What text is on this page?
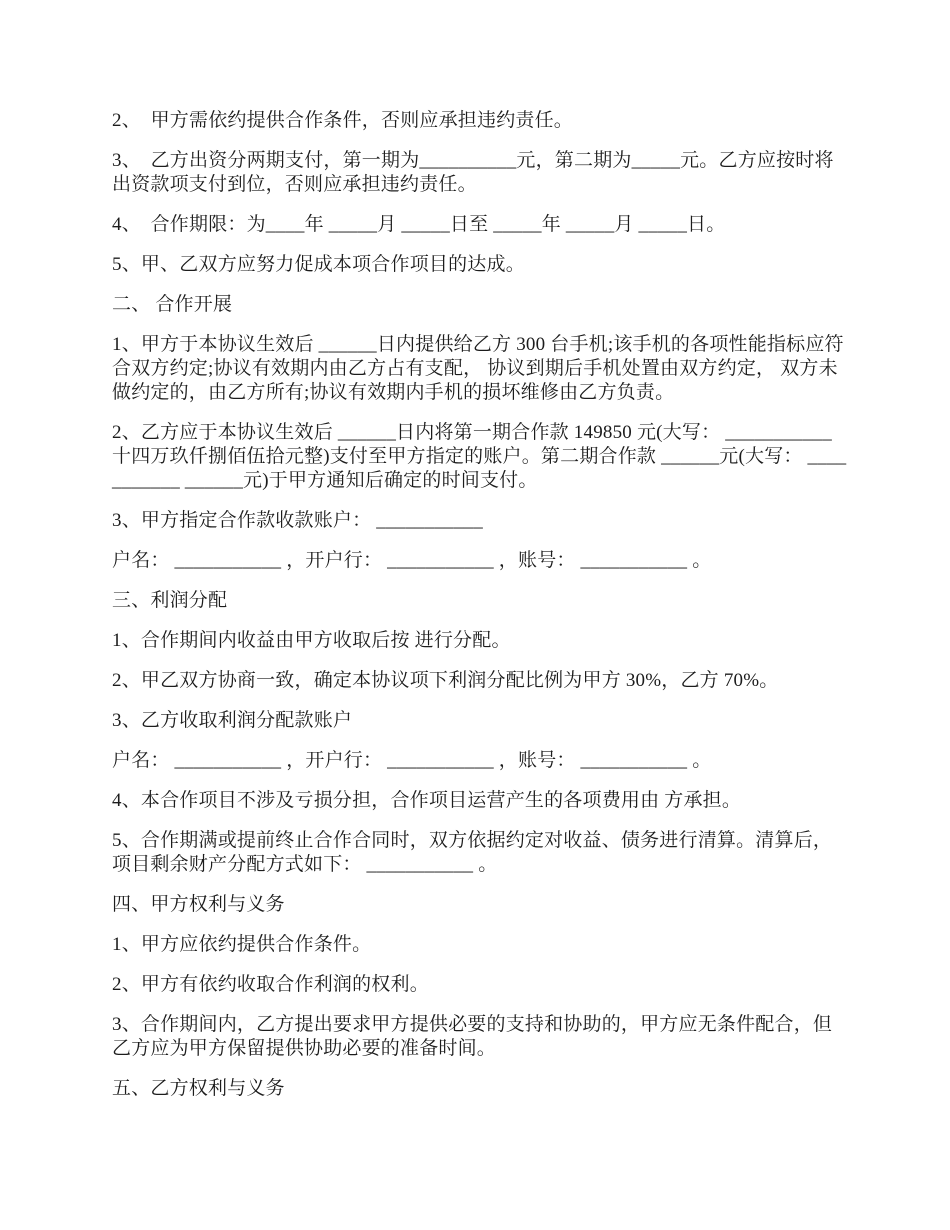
2、　甲方需依约提供合作条件，否则应承担违约责任。

3、　乙方出资分两期支付，第一期为__________元，第二期为_____元。乙方应按时将出资款项支付到位，否则应承担违约责任。

4、　合作期限：为____年 _____月 _____日至 _____年 _____月 _____日。

5、甲、乙双方应努力促成本项合作项目的达成。

二、 合作开展

1、甲方于本协议生效后 ______日内提供给乙方 300 台手机;该手机的各项性能指标应符合双方约定;协议有效期内由乙方占有支配， 协议到期后手机处置由双方约定， 双方未做约定的，由乙方所有;协议有效期内手机的损坏维修由乙方负责。

2、乙方应于本协议生效后 ______日内将第一期合作款 149850 元(大写： ___________十四万玖仟捌佰伍拾元整)支付至甲方指定的账户。第二期合作款 ______元(大写： ___________ ______元)于甲方通知后确定的时间支付。

3、甲方指定合作款收款账户： ___________

户名： ___________ ，开户行： ___________ ，账号： ___________ 。

三、利润分配

1、合作期间内收益由甲方收取后按 进行分配。

2、甲乙双方协商一致，确定本协议项下利润分配比例为甲方 30%，乙方 70%。

3、乙方收取利润分配款账户

户名： ___________ ，开户行： ___________ ，账号： ___________ 。

4、本合作项目不涉及亏损分担，合作项目运营产生的各项费用由 方承担。

5、合作期满或提前终止合作合同时，双方依据约定对收益、债务进行清算。清算后，项目剩余财产分配方式如下： ___________ 。

四、甲方权利与义务

1、甲方应依约提供合作条件。

2、甲方有依约收取合作利润的权利。

3、合作期间内，乙方提出要求甲方提供必要的支持和协助的，甲方应无条件配合，但乙方应为甲方保留提供协助必要的准备时间。

五、乙方权利与义务
